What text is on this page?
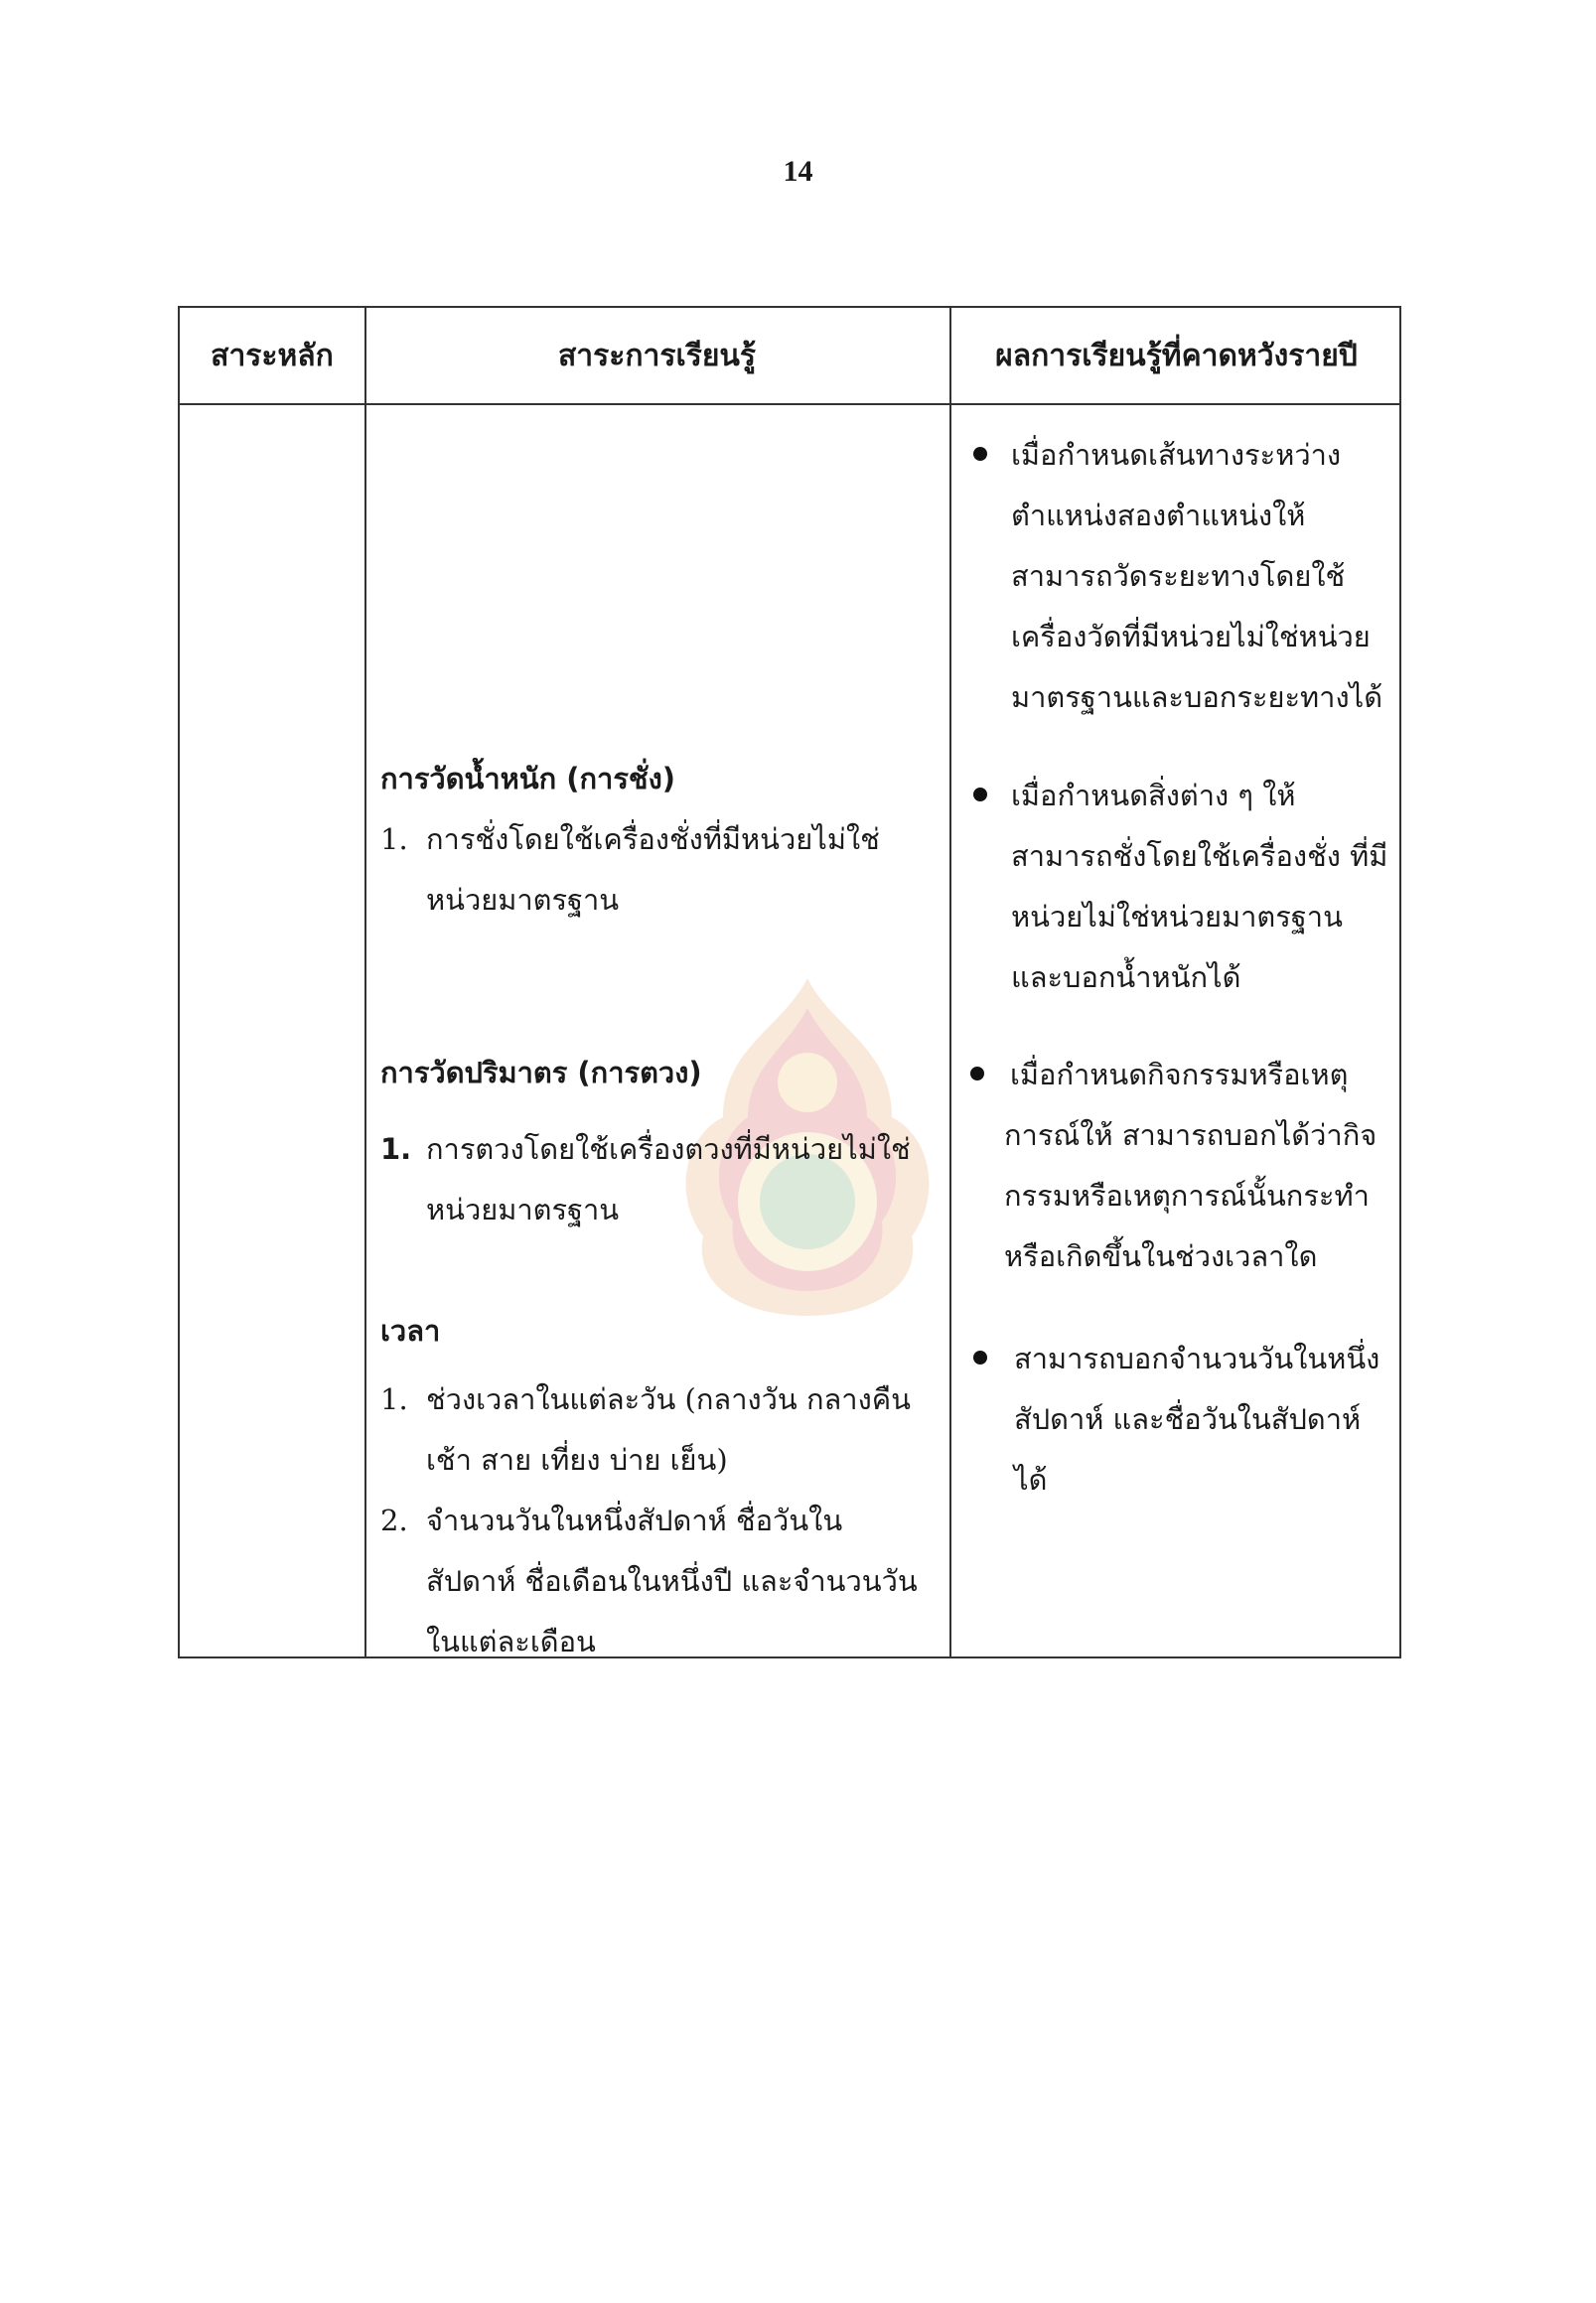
14
สาระหลัก	สาระการเรียนรู้	ผลการเรียนรู้ที่คาดหวังรายปี
การวัดน้ำหนัก (การชั่ง)
1. การชั่งโดยใช้เครื่องชั่งที่มีหน่วยไม่ใช่
หน่วยมาตรฐาน
การวัดปริมาตร (การตวง)
1. การตวงโดยใช้เครื่องตวงที่มีหน่วยไม่ใช่
หน่วยมาตรฐาน
เวลา
1. ช่วงเวลาในแต่ละวัน (กลางวัน กลางคืน
เช้า สาย เที่ยง บ่าย เย็น)
2. จำนวนวันในหนึ่งสัปดาห์ ชื่อวันใน
สัปดาห์ ชื่อเดือนในหนึ่งปี และจำนวนวัน
ในแต่ละเดือน
เมื่อกำหนดเส้นทางระหว่าง
ตำแหน่งสองตำแหน่งให้
สามารถวัดระยะทางโดยใช้
เครื่องวัดที่มีหน่วยไม่ใช่หน่วย
มาตรฐานและบอกระยะทางได้
เมื่อกำหนดสิ่งต่าง ๆ ให้
สามารถชั่งโดยใช้เครื่องชั่ง ที่มี
หน่วยไม่ใช่หน่วยมาตรฐาน
และบอกน้ำหนักได้
เมื่อกำหนดกิจกรรมหรือเหตุ
การณ์ให้ สามารถบอกได้ว่ากิจ
กรรมหรือเหตุการณ์นั้นกระทำ
หรือเกิดขึ้นในช่วงเวลาใด
สามารถบอกจำนวนวันในหนึ่ง
สัปดาห์ และชื่อวันในสัปดาห์
ได้
